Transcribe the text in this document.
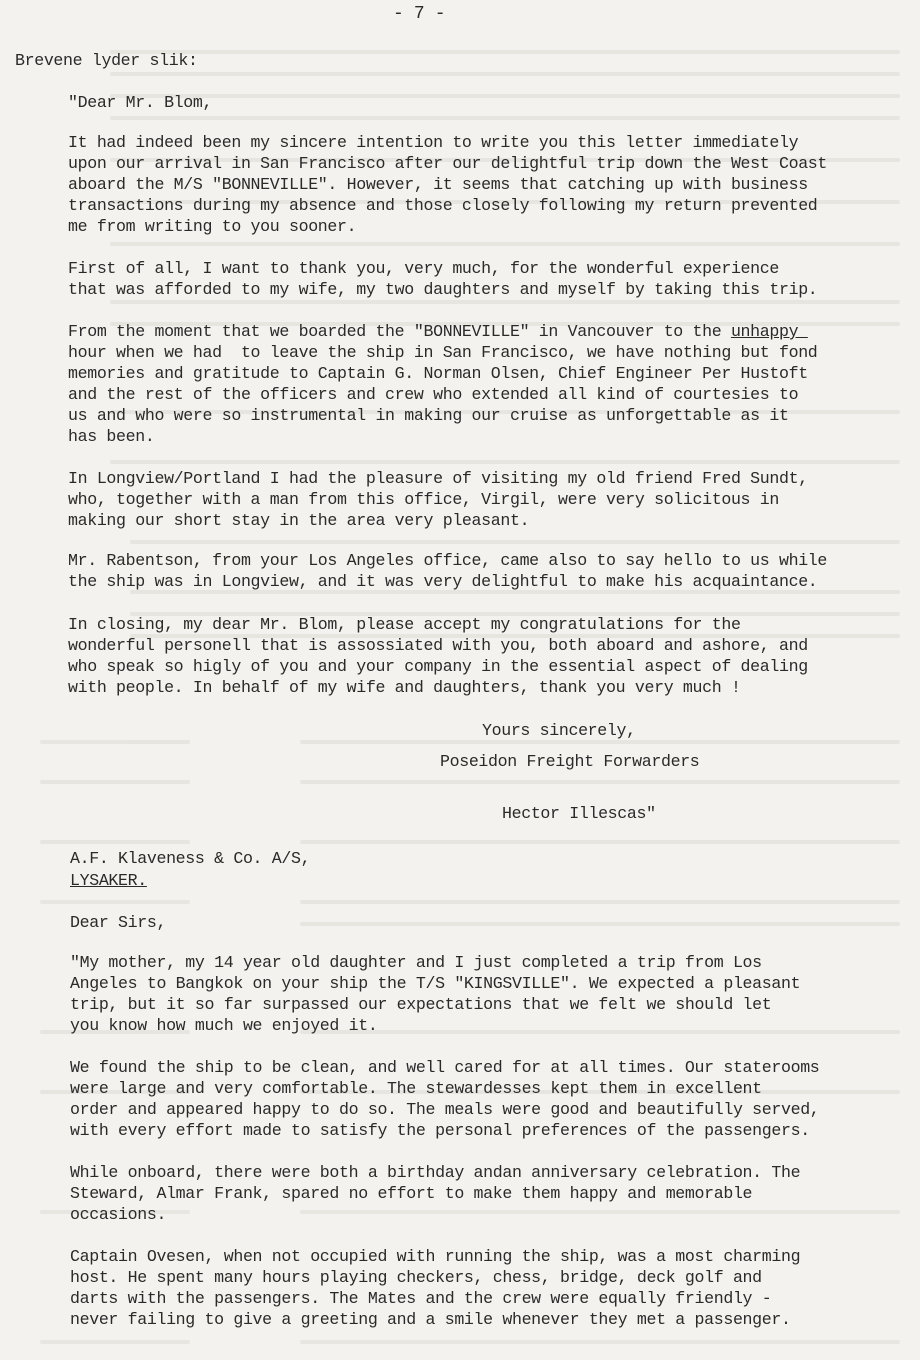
- 7 -
Brevene lyder slik:
"Dear Mr. Blom,
It had indeed been my sincere intention to write you this letter immediately
upon our arrival in San Francisco after our delightful trip down the West Coast
aboard the M/S "BONNEVILLE". However, it seems that catching up with business
transactions during my absence and those closely following my return prevented
me from writing to you sooner.
First of all, I want to thank you, very much, for the wonderful experience
that was afforded to my wife, my two daughters and myself by taking this trip.
From the moment that we boarded the "BONNEVILLE" in Vancouver to the unhappy
hour when we had  to leave the ship in San Francisco, we have nothing but fond
memories and gratitude to Captain G. Norman Olsen, Chief Engineer Per Hustoft
and the rest of the officers and crew who extended all kind of courtesies to
us and who were so instrumental in making our cruise as unforgettable as it
has been.
In Longview/Portland I had the pleasure of visiting my old friend Fred Sundt,
who, together with a man from this office, Virgil, were very solicitous in
making our short stay in the area very pleasant.
Mr. Rabentson, from your Los Angeles office, came also to say hello to us while
the ship was in Longview, and it was very delightful to make his acquaintance.
In closing, my dear Mr. Blom, please accept my congratulations for the
wonderful personell that is assossiated with you, both aboard and ashore, and
who speak so higly of you and your company in the essential aspect of dealing
with people. In behalf of my wife and daughters, thank you very much !
Yours sincerely,
Poseidon Freight Forwarders
Hector Illescas"
A.F. Klaveness & Co. A/S,
LYSAKER.
Dear Sirs,
"My mother, my 14 year old daughter and I just completed a trip from Los
Angeles to Bangkok on your ship the T/S "KINGSVILLE". We expected a pleasant
trip, but it so far surpassed our expectations that we felt we should let
you know how much we enjoyed it.
We found the ship to be clean, and well cared for at all times. Our staterooms
were large and very comfortable. The stewardesses kept them in excellent
order and appeared happy to do so. The meals were good and beautifully served,
with every effort made to satisfy the personal preferences of the passengers.
While onboard, there were both a birthday andan anniversary celebration. The
Steward, Almar Frank, spared no effort to make them happy and memorable
occasions.
Captain Ovesen, when not occupied with running the ship, was a most charming
host. He spent many hours playing checkers, chess, bridge, deck golf and
darts with the passengers. The Mates and the crew were equally friendly -
never failing to give a greeting and a smile whenever they met a passenger.
